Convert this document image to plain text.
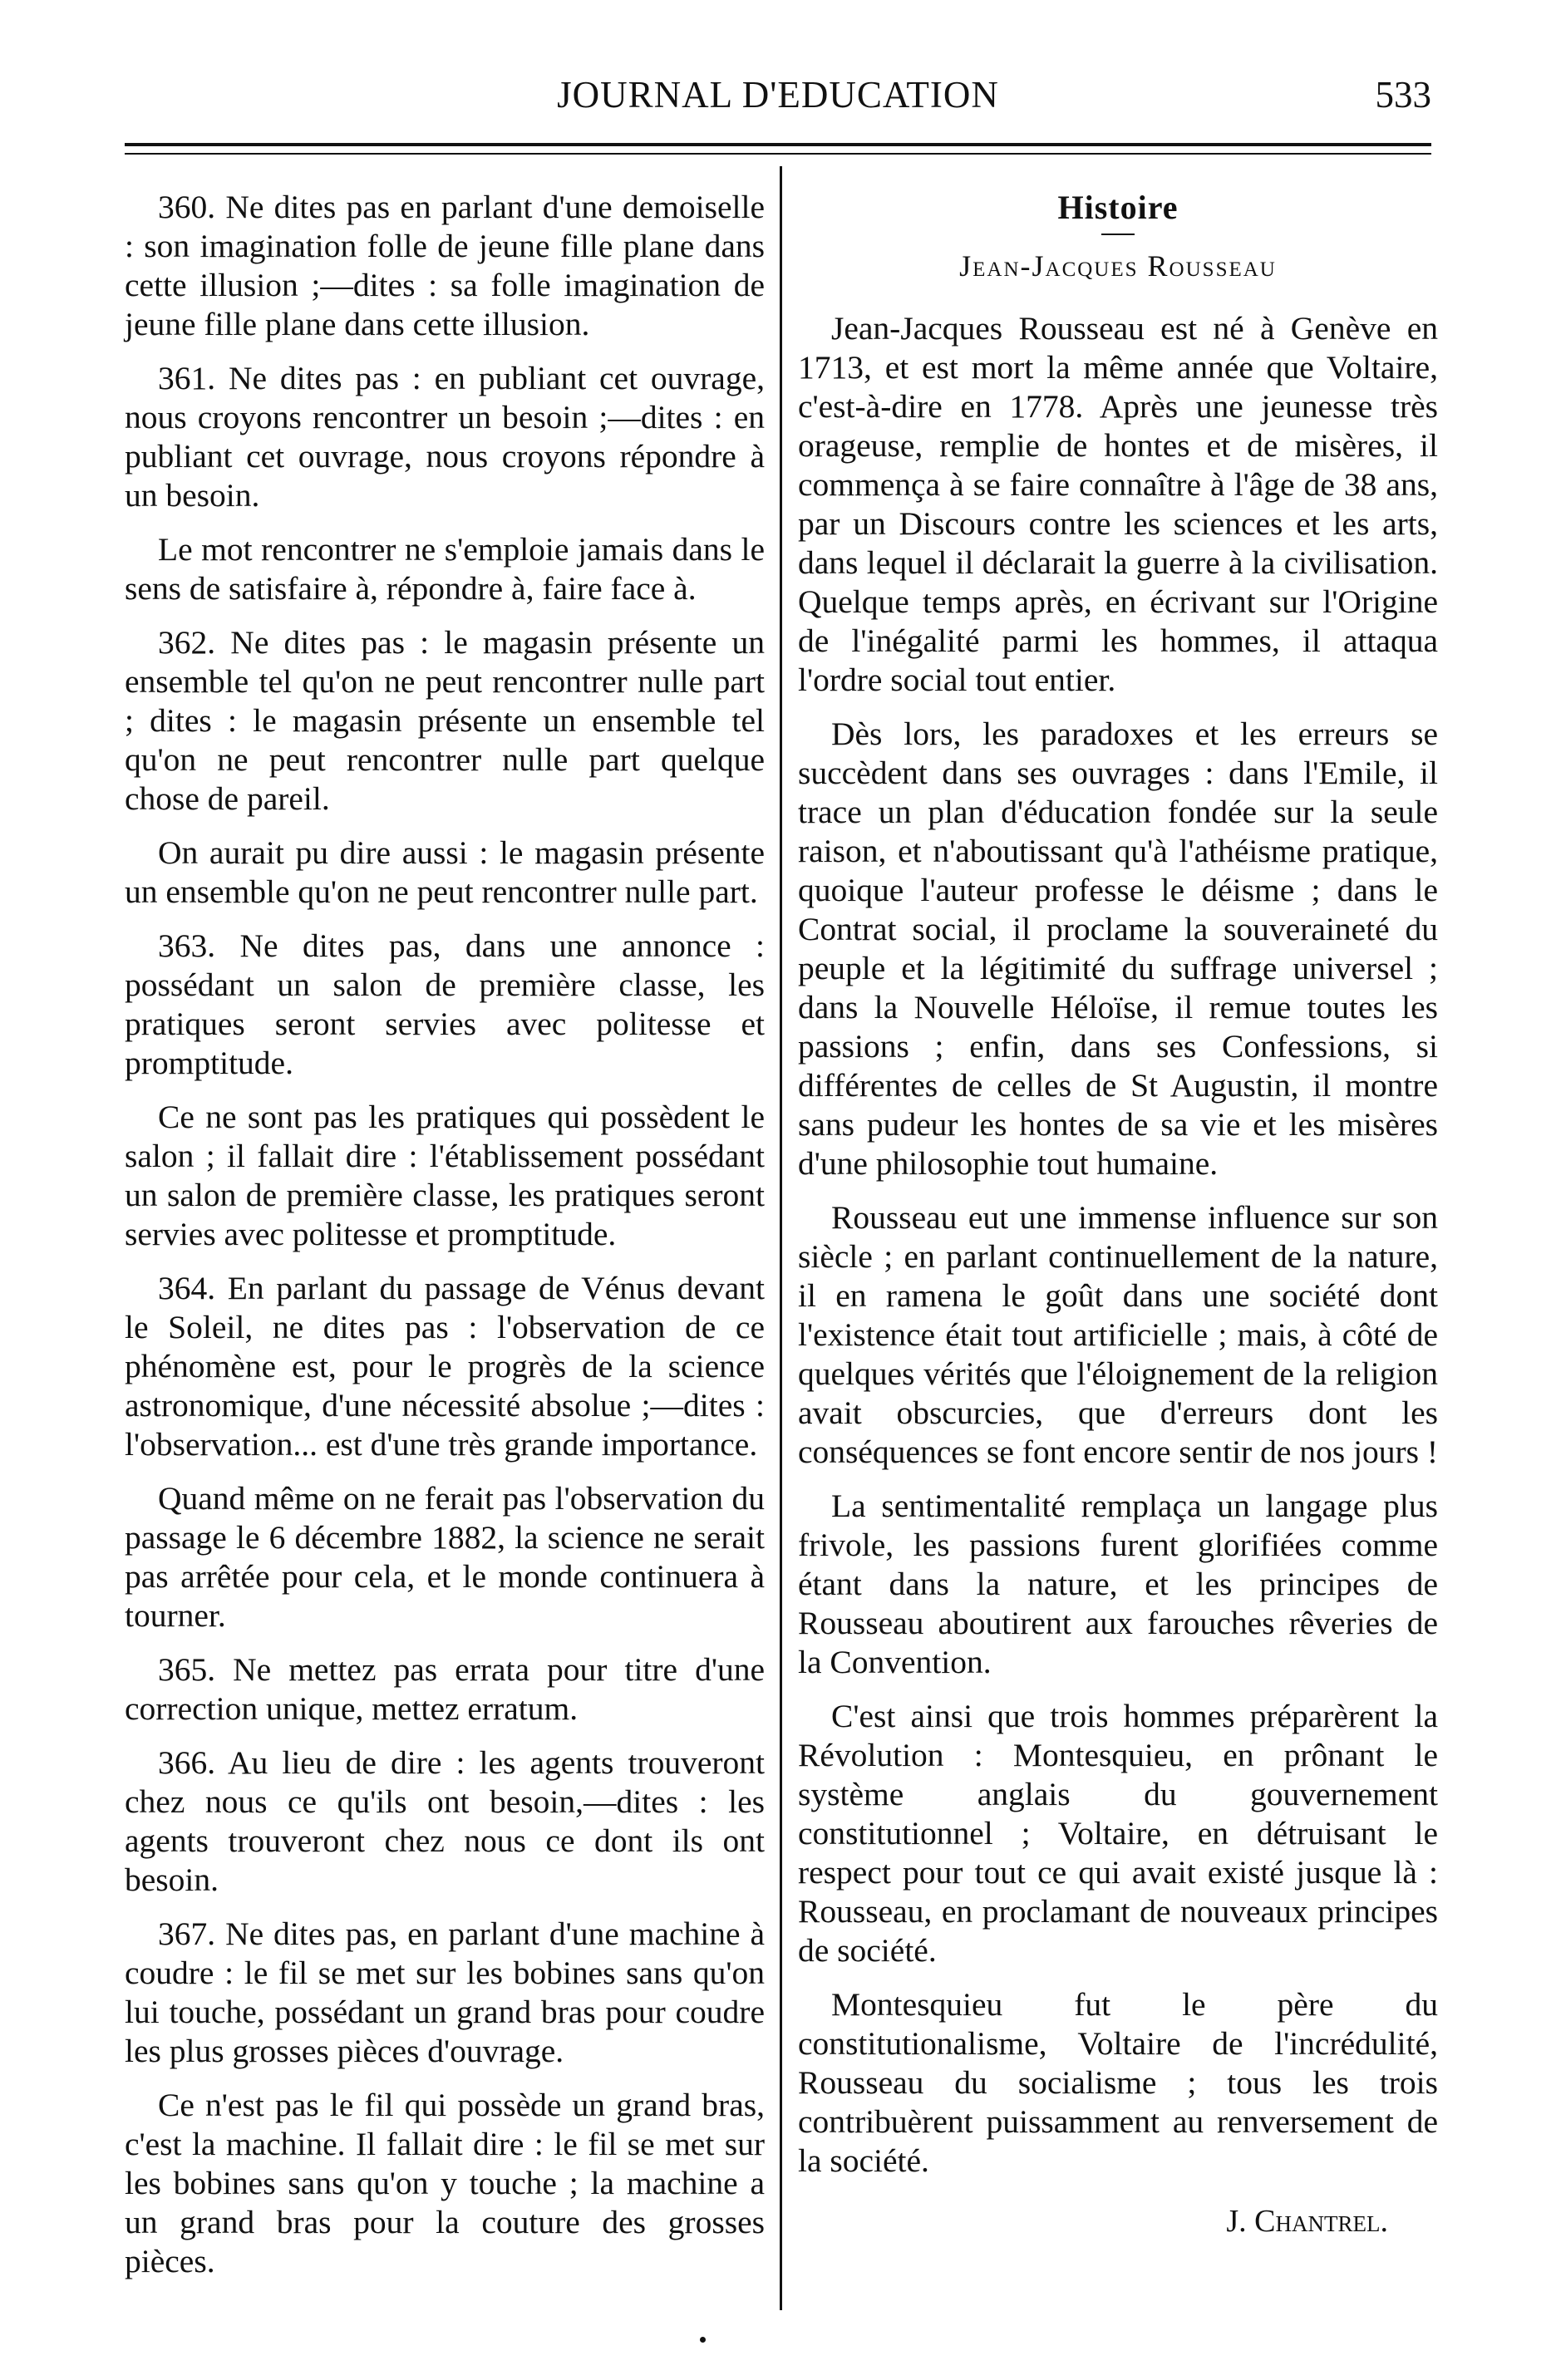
JOURNAL D'EDUCATION	533

360. Ne dites pas en parlant d'une demoiselle : son imagination folle de jeune fille plane dans cette illusion ;—dites : sa folle imagination de jeune fille plane dans cette illusion.

361. Ne dites pas : en publiant cet ouvrage, nous croyons rencontrer un besoin ;—dites : en publiant cet ouvrage, nous croyons répondre à un besoin.

Le mot rencontrer ne s'emploie jamais dans le sens de satisfaire à, répondre à, faire face à.

362. Ne dites pas : le magasin présente un ensemble tel qu'on ne peut rencontrer nulle part ; dites : le magasin présente un ensemble tel qu'on ne peut rencontrer nulle part quelque chose de pareil.

On aurait pu dire aussi : le magasin présente un ensemble qu'on ne peut rencontrer nulle part.

363. Ne dites pas, dans une annonce : possédant un salon de première classe, les pratiques seront servies avec politesse et promptitude.

Ce ne sont pas les pratiques qui possèdent le salon ; il fallait dire : l'établissement possédant un salon de première classe, les pratiques seront servies avec politesse et promptitude.

364. En parlant du passage de Vénus devant le Soleil, ne dites pas : l'observation de ce phénomène est, pour le progrès de la science astronomique, d'une nécessité absolue ;—dites : l'observation... est d'une très grande importance.

Quand même on ne ferait pas l'observation du passage le 6 décembre 1882, la science ne serait pas arrêtée pour cela, et le monde continuera à tourner.

365. Ne mettez pas errata pour titre d'une correction unique, mettez erratum.

366. Au lieu de dire : les agents trouveront chez nous ce qu'ils ont besoin,—dites : les agents trouveront chez nous ce dont ils ont besoin.

367. Ne dites pas, en parlant d'une machine à coudre : le fil se met sur les bobines sans qu'on lui touche, possédant un grand bras pour coudre les plus grosses pièces d'ouvrage.

Ce n'est pas le fil qui possède un grand bras, c'est la machine. Il fallait dire : le fil se met sur les bobines sans qu'on y touche ; la machine a un grand bras pour la couture des grosses pièces.

Histoire
Jean-Jacques Rousseau

Jean-Jacques Rousseau est né à Genève en 1713, et est mort la même année que Voltaire, c'est-à-dire en 1778. Après une jeunesse très orageuse, remplie de hontes et de misères, il commença à se faire connaître à l'âge de 38 ans, par un Discours contre les sciences et les arts, dans lequel il déclarait la guerre à la civilisation. Quelque temps après, en écrivant sur l'Origine de l'inégalité parmi les hommes, il attaqua l'ordre social tout entier.

Dès lors, les paradoxes et les erreurs se succèdent dans ses ouvrages : dans l'Emile, il trace un plan d'éducation fondée sur la seule raison, et n'aboutissant qu'à l'athéisme pratique, quoique l'auteur professe le déisme ; dans le Contrat social, il proclame la souveraineté du peuple et la légitimité du suffrage universel ; dans la Nouvelle Héloïse, il remue toutes les passions ; enfin, dans ses Confessions, si différentes de celles de St Augustin, il montre sans pudeur les hontes de sa vie et les misères d'une philosophie tout humaine.

Rousseau eut une immense influence sur son siècle ; en parlant continuellement de la nature, il en ramena le goût dans une société dont l'existence était tout artificielle ; mais, à côté de quelques vérités que l'éloignement de la religion avait obscurcies, que d'erreurs dont les conséquences se font encore sentir de nos jours !

La sentimentalité remplaça un langage plus frivole, les passions furent glorifiées comme étant dans la nature, et les principes de Rousseau aboutirent aux farouches rêveries de la Convention.

C'est ainsi que trois hommes préparèrent la Révolution : Montesquieu, en prônant le système anglais du gouvernement constitutionnel ; Voltaire, en détruisant le respect pour tout ce qui avait existé jusque là : Rousseau, en proclamant de nouveaux principes de société.

Montesquieu fut le père du constitutionalisme, Voltaire de l'incrédulité, Rousseau du socialisme ; tous les trois contribuèrent puissamment au renversement de la société.

J. Chantrel.
